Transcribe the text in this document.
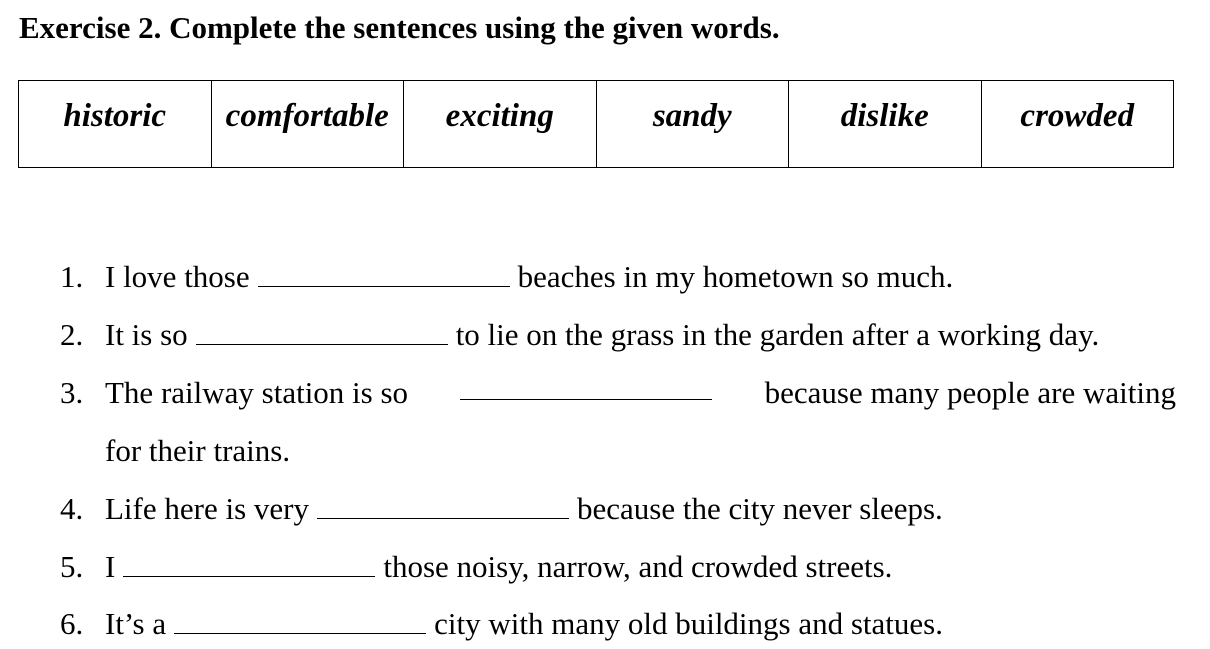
Exercise 2. Complete the sentences using the given words.
historic	comfortable	exciting	sandy	dislike	crowded
1. I love those	beaches in my hometown so much.
2. It is so	to lie on the grass in the garden after a working day.
3. The railway station is so	because many people are waiting
for their trains.
4. Life here is very	because the city never sleeps.
5. I	those noisy, narrow, and crowded streets.
6. It’s a	city with many old buildings and statues.
